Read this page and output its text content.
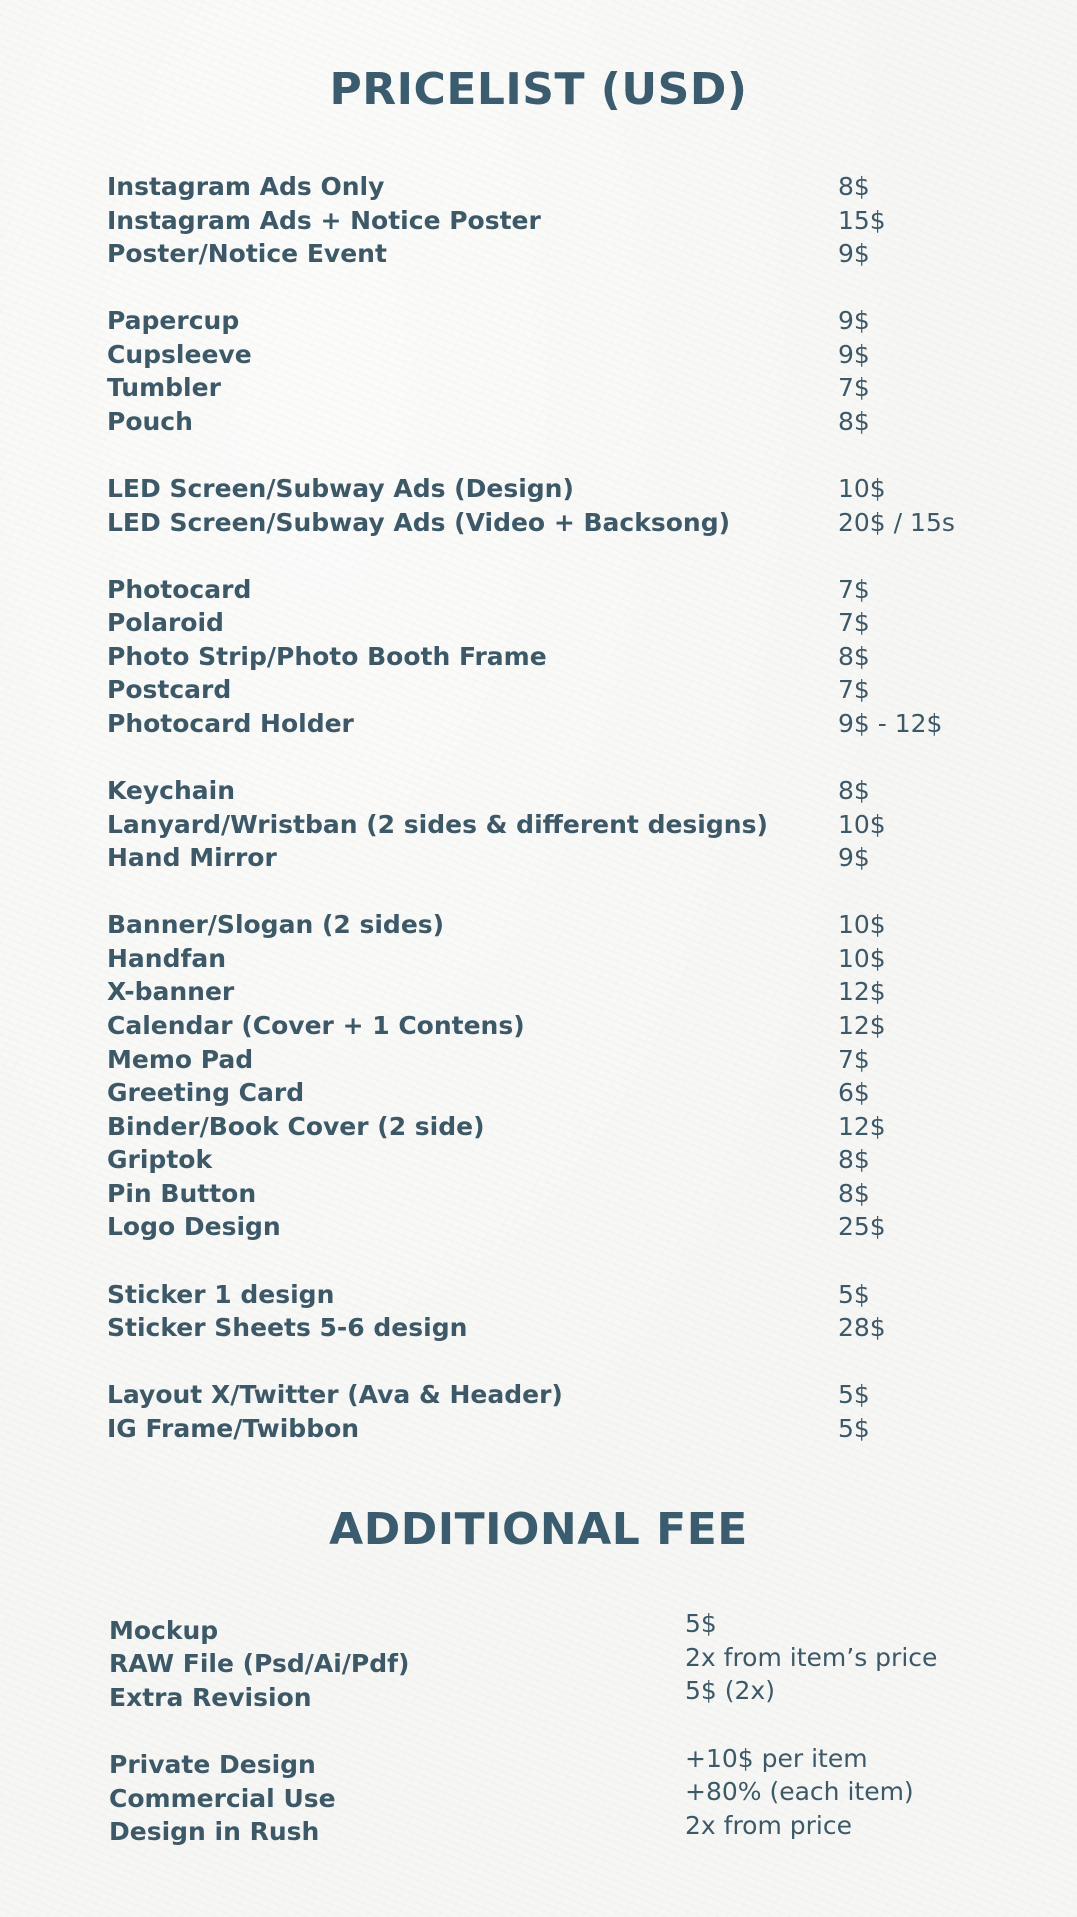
PRICELIST (USD)
Instagram Ads Only	8$
Instagram Ads + Notice Poster	15$
Poster/Notice Event	9$
Papercup	9$
Cupsleeve	9$
Tumbler	7$
Pouch	8$
LED Screen/Subway Ads (Design)	10$
LED Screen/Subway Ads (Video + Backsong)	20$ / 15s
Photocard	7$
Polaroid	7$
Photo Strip/Photo Booth Frame	8$
Postcard	7$
Photocard Holder	9$ - 12$
Keychain	8$
Lanyard/Wristban (2 sides & different designs)	10$
Hand Mirror	9$
Banner/Slogan (2 sides)	10$
Handfan	10$
X-banner	12$
Calendar (Cover + 1 Contens)	12$
Memo Pad	7$
Greeting Card	6$
Binder/Book Cover (2 side)	12$
Griptok	8$
Pin Button	8$
Logo Design	25$
Sticker 1 design	5$
Sticker Sheets 5-6 design	28$
Layout X/Twitter (Ava & Header)	5$
IG Frame/Twibbon	5$
ADDITIONAL FEE
Mockup	5$
RAW File (Psd/Ai/Pdf)	2x from item’s price
Extra Revision	5$ (2x)
Private Design	+10$ per item
Commercial Use	+80% (each item)
Design in Rush	2x from price
